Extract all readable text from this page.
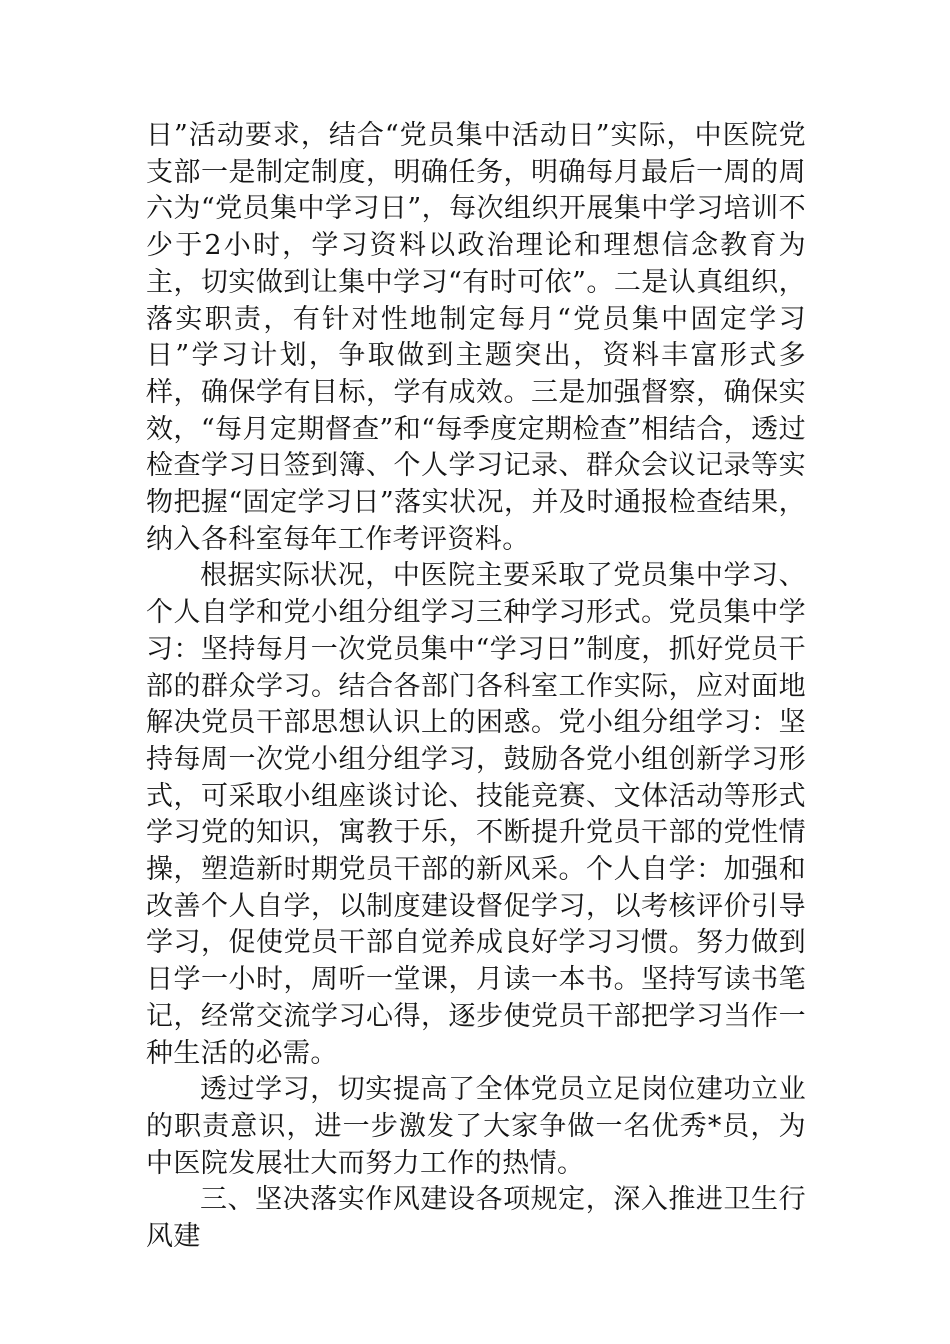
日”活动要求，结合“党员集中活动日”实际，中医院党支部一是制定制度，明确任务，明确每月最后一周的周六为“党员集中学习日”，每次组织开展集中学习培训不少于2小时，学习资料以政治理论和理想信念教育为主，切实做到让集中学习“有时可依”。二是认真组织，落实职责，有针对性地制定每月“党员集中固定学习日”学习计划，争取做到主题突出，资料丰富形式多样，确保学有目标，学有成效。三是加强督察，确保实效，“每月定期督查”和“每季度定期检查”相结合，透过检查学习日签到簿、个人学习记录、群众会议记录等实物把握“固定学习日”落实状况，并及时通报检查结果，纳入各科室每年工作考评资料。

根据实际状况，中医院主要采取了党员集中学习、个人自学和党小组分组学习三种学习形式。党员集中学习：坚持每月一次党员集中“学习日”制度，抓好党员干部的群众学习。结合各部门各科室工作实际，应对面地解决党员干部思想认识上的困惑。党小组分组学习：坚持每周一次党小组分组学习，鼓励各党小组创新学习形式，可采取小组座谈讨论、技能竞赛、文体活动等形式学习党的知识，寓教于乐，不断提升党员干部的党性情操，塑造新时期党员干部的新风采。个人自学：加强和改善个人自学，以制度建设督促学习，以考核评价引导学习，促使党员干部自觉养成良好学习习惯。努力做到日学一小时，周听一堂课，月读一本书。坚持写读书笔记，经常交流学习心得，逐步使党员干部把学习当作一种生活的必需。

透过学习，切实提高了全体党员立足岗位建功立业的职责意识，进一步激发了大家争做一名优秀*员，为中医院发展壮大而努力工作的热情。

三、坚决落实作风建设各项规定，深入推进卫生行风建
